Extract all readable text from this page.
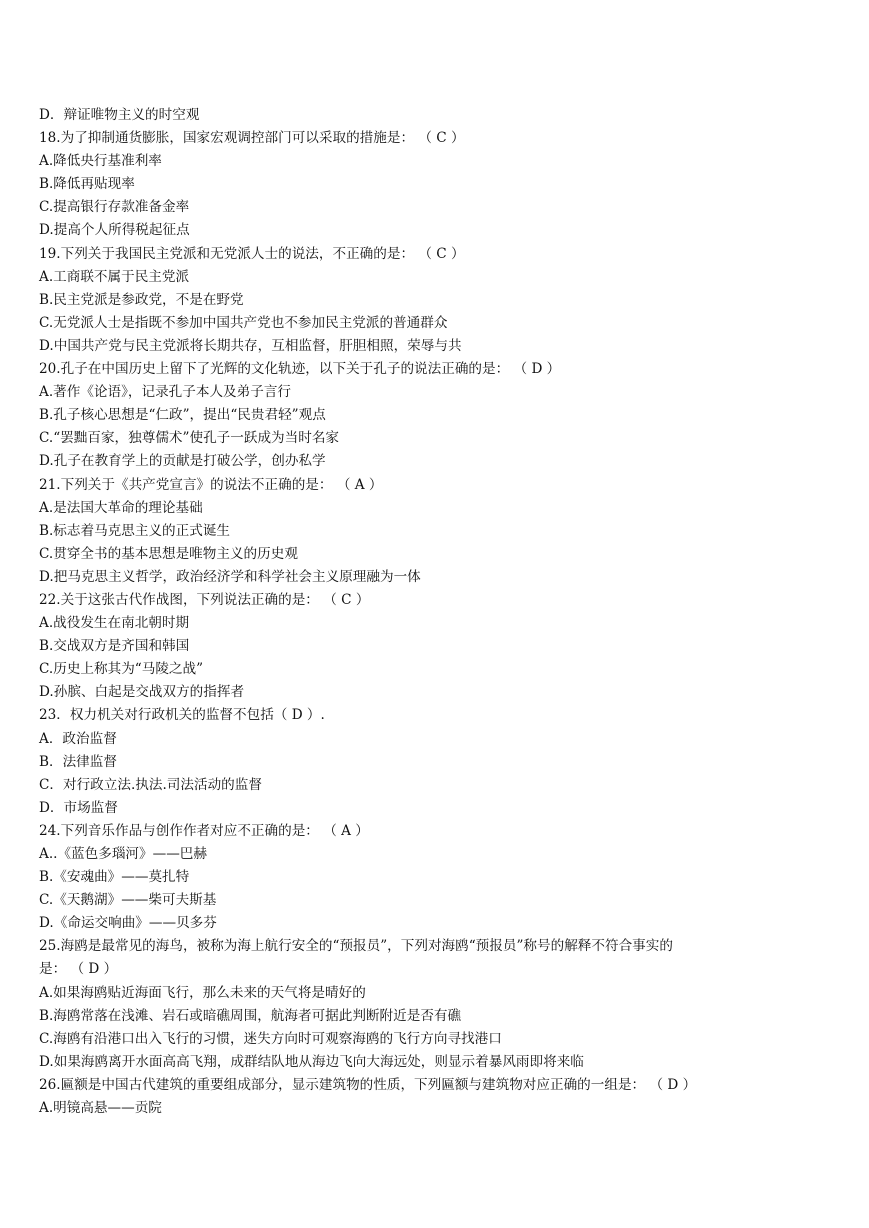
D．辩证唯物主义的时空观
18.为了抑制通货膨胀，国家宏观调控部门可以采取的措施是： （ C ）
A.降低央行基准利率
B.降低再贴现率
C.提高银行存款准备金率
D.提高个人所得税起征点
19.下列关于我国民主党派和无党派人士的说法，不正确的是： （ C ）
A.工商联不属于民主党派
B.民主党派是参政党，不是在野党
C.无党派人士是指既不参加中国共产党也不参加民主党派的普通群众
D.中国共产党与民主党派将长期共存，互相监督，肝胆相照，荣辱与共
20.孔子在中国历史上留下了光辉的文化轨迹，以下关于孔子的说法正确的是： （ D ）
A.著作《论语》，记录孔子本人及弟子言行
B.孔子核心思想是“仁政”，提出“民贵君轻”观点
C.“罢黜百家，独尊儒术”使孔子一跃成为当时名家
D.孔子在教育学上的贡献是打破公学，创办私学
21.下列关于《共产党宣言》的说法不正确的是： （ A ）
A.是法国大革命的理论基础
B.标志着马克思主义的正式诞生
C.贯穿全书的基本思想是唯物主义的历史观
D.把马克思主义哲学，政治经济学和科学社会主义原理融为一体
22.关于这张古代作战图，下列说法正确的是： （ C ）
A.战役发生在南北朝时期
B.交战双方是齐国和韩国
C.历史上称其为“马陵之战”
D.孙膑、白起是交战双方的指挥者
23．权力机关对行政机关的监督不包括（ D ）.
A．政治监督
B．法律监督
C．对行政立法.执法.司法活动的监督
D．市场监督
24.下列音乐作品与创作作者对应不正确的是： （ A ）
A..《蓝色多瑙河》——巴赫
B.《安魂曲》——莫扎特
C.《天鹅湖》——柴可夫斯基
D.《命运交响曲》——贝多芬
25.海鸥是最常见的海鸟，被称为海上航行安全的“预报员”，下列对海鸥“预报员”称号的解释不符合事实的
是： （ D ）
A.如果海鸥贴近海面飞行，那么未来的天气将是晴好的
B.海鸥常落在浅滩、岩石或暗礁周围，航海者可据此判断附近是否有礁
C.海鸥有沿港口出入飞行的习惯，迷失方向时可观察海鸥的飞行方向寻找港口
D.如果海鸥离开水面高高飞翔，成群结队地从海边飞向大海远处，则显示着暴风雨即将来临
26.匾额是中国古代建筑的重要组成部分，显示建筑物的性质，下列匾额与建筑物对应正确的一组是： （ D ）
A.明镜高悬——贡院
